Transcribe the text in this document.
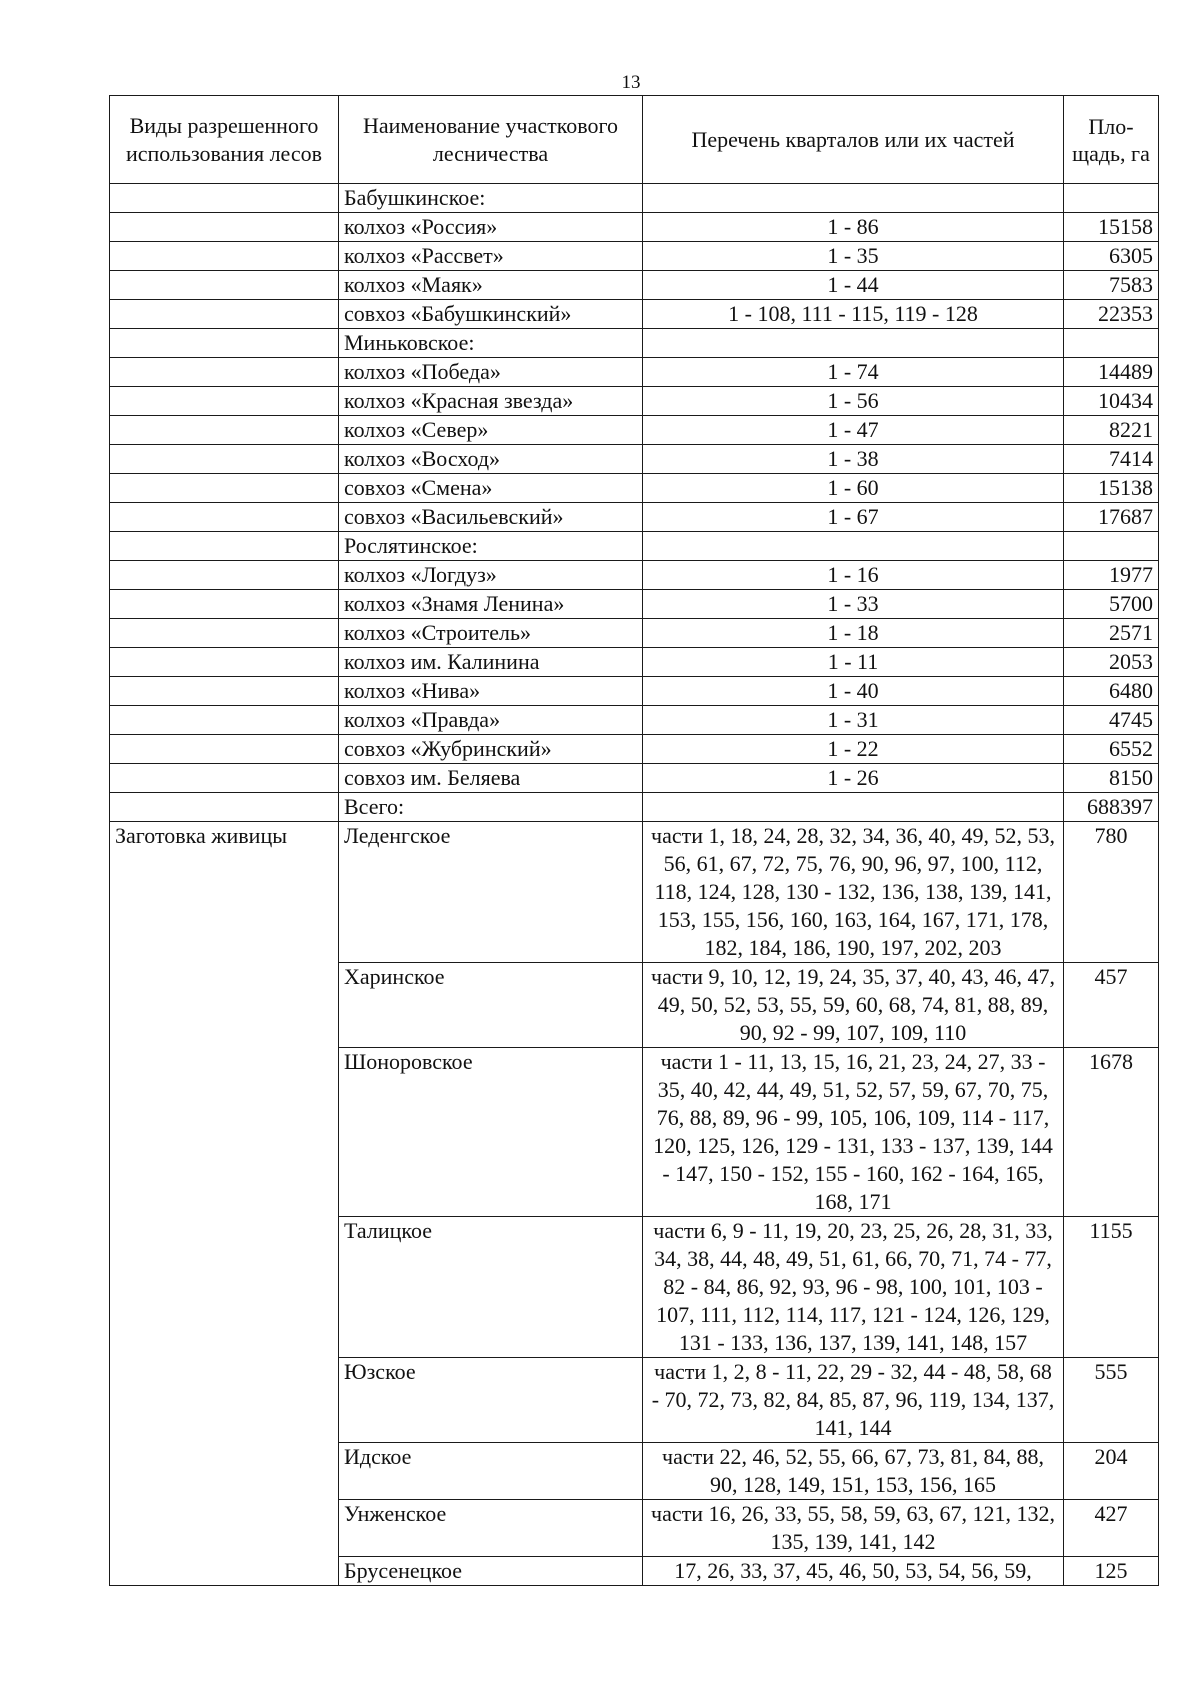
13
Виды разрешенного использования лесов	Наименование участкового лесничества	Перечень кварталов или их частей	Пло-щадь, га
	Бабушкинское:		
	колхоз «Россия»	1 - 86	15158
	колхоз «Рассвет»	1 - 35	6305
	колхоз «Маяк»	1 - 44	7583
	совхоз «Бабушкинский»	1 - 108, 111 - 115, 119 - 128	22353
	Миньковское:		
	колхоз «Победа»	1 - 74	14489
	колхоз «Красная звезда»	1 - 56	10434
	колхоз «Север»	1 - 47	8221
	колхоз «Восход»	1 - 38	7414
	совхоз «Смена»	1 - 60	15138
	совхоз «Васильевский»	1 - 67	17687
	Рослятинское:		
	колхоз «Логдуз»	1 - 16	1977
	колхоз «Знамя Ленина»	1 - 33	5700
	колхоз «Строитель»	1 - 18	2571
	колхоз им. Калинина	1 - 11	2053
	колхоз «Нива»	1 - 40	6480
	колхоз «Правда»	1 - 31	4745
	совхоз «Жубринский»	1 - 22	6552
	совхоз им. Беляева	1 - 26	8150
	Всего:		688397
Заготовка живицы	Леденгское	части 1, 18, 24, 28, 32, 34, 36, 40, 49, 52, 53, 56, 61, 67, 72, 75, 76, 90, 96, 97, 100, 112, 118, 124, 128, 130 - 132, 136, 138, 139, 141, 153, 155, 156, 160, 163, 164, 167, 171, 178, 182, 184, 186, 190, 197, 202, 203	780
	Харинское	части 9, 10, 12, 19, 24, 35, 37, 40, 43, 46, 47, 49, 50, 52, 53, 55, 59, 60, 68, 74, 81, 88, 89, 90, 92 - 99, 107, 109, 110	457
	Шоноровское	части 1 - 11, 13, 15, 16, 21, 23, 24, 27, 33 - 35, 40, 42, 44, 49, 51, 52, 57, 59, 67, 70, 75, 76, 88, 89, 96 - 99, 105, 106, 109, 114 - 117, 120, 125, 126, 129 - 131, 133 - 137, 139, 144 - 147, 150 - 152, 155 - 160, 162 - 164, 165, 168, 171	1678
	Талицкое	части 6, 9 - 11, 19, 20, 23, 25, 26, 28, 31, 33, 34, 38, 44, 48, 49, 51, 61, 66, 70, 71, 74 - 77, 82 - 84, 86, 92, 93, 96 - 98, 100, 101, 103 - 107, 111, 112, 114, 117, 121 - 124, 126, 129, 131 - 133, 136, 137, 139, 141, 148, 157	1155
	Юзское	части 1, 2, 8 - 11, 22, 29 - 32, 44 - 48, 58, 68 - 70, 72, 73, 82, 84, 85, 87, 96, 119, 134, 137, 141, 144	555
	Идское	части 22, 46, 52, 55, 66, 67, 73, 81, 84, 88, 90, 128, 149, 151, 153, 156, 165	204
	Унженское	части 16, 26, 33, 55, 58, 59, 63, 67, 121, 132, 135, 139, 141, 142	427
	Брусенецкое	17, 26, 33, 37, 45, 46, 50, 53, 54, 56, 59,	125
